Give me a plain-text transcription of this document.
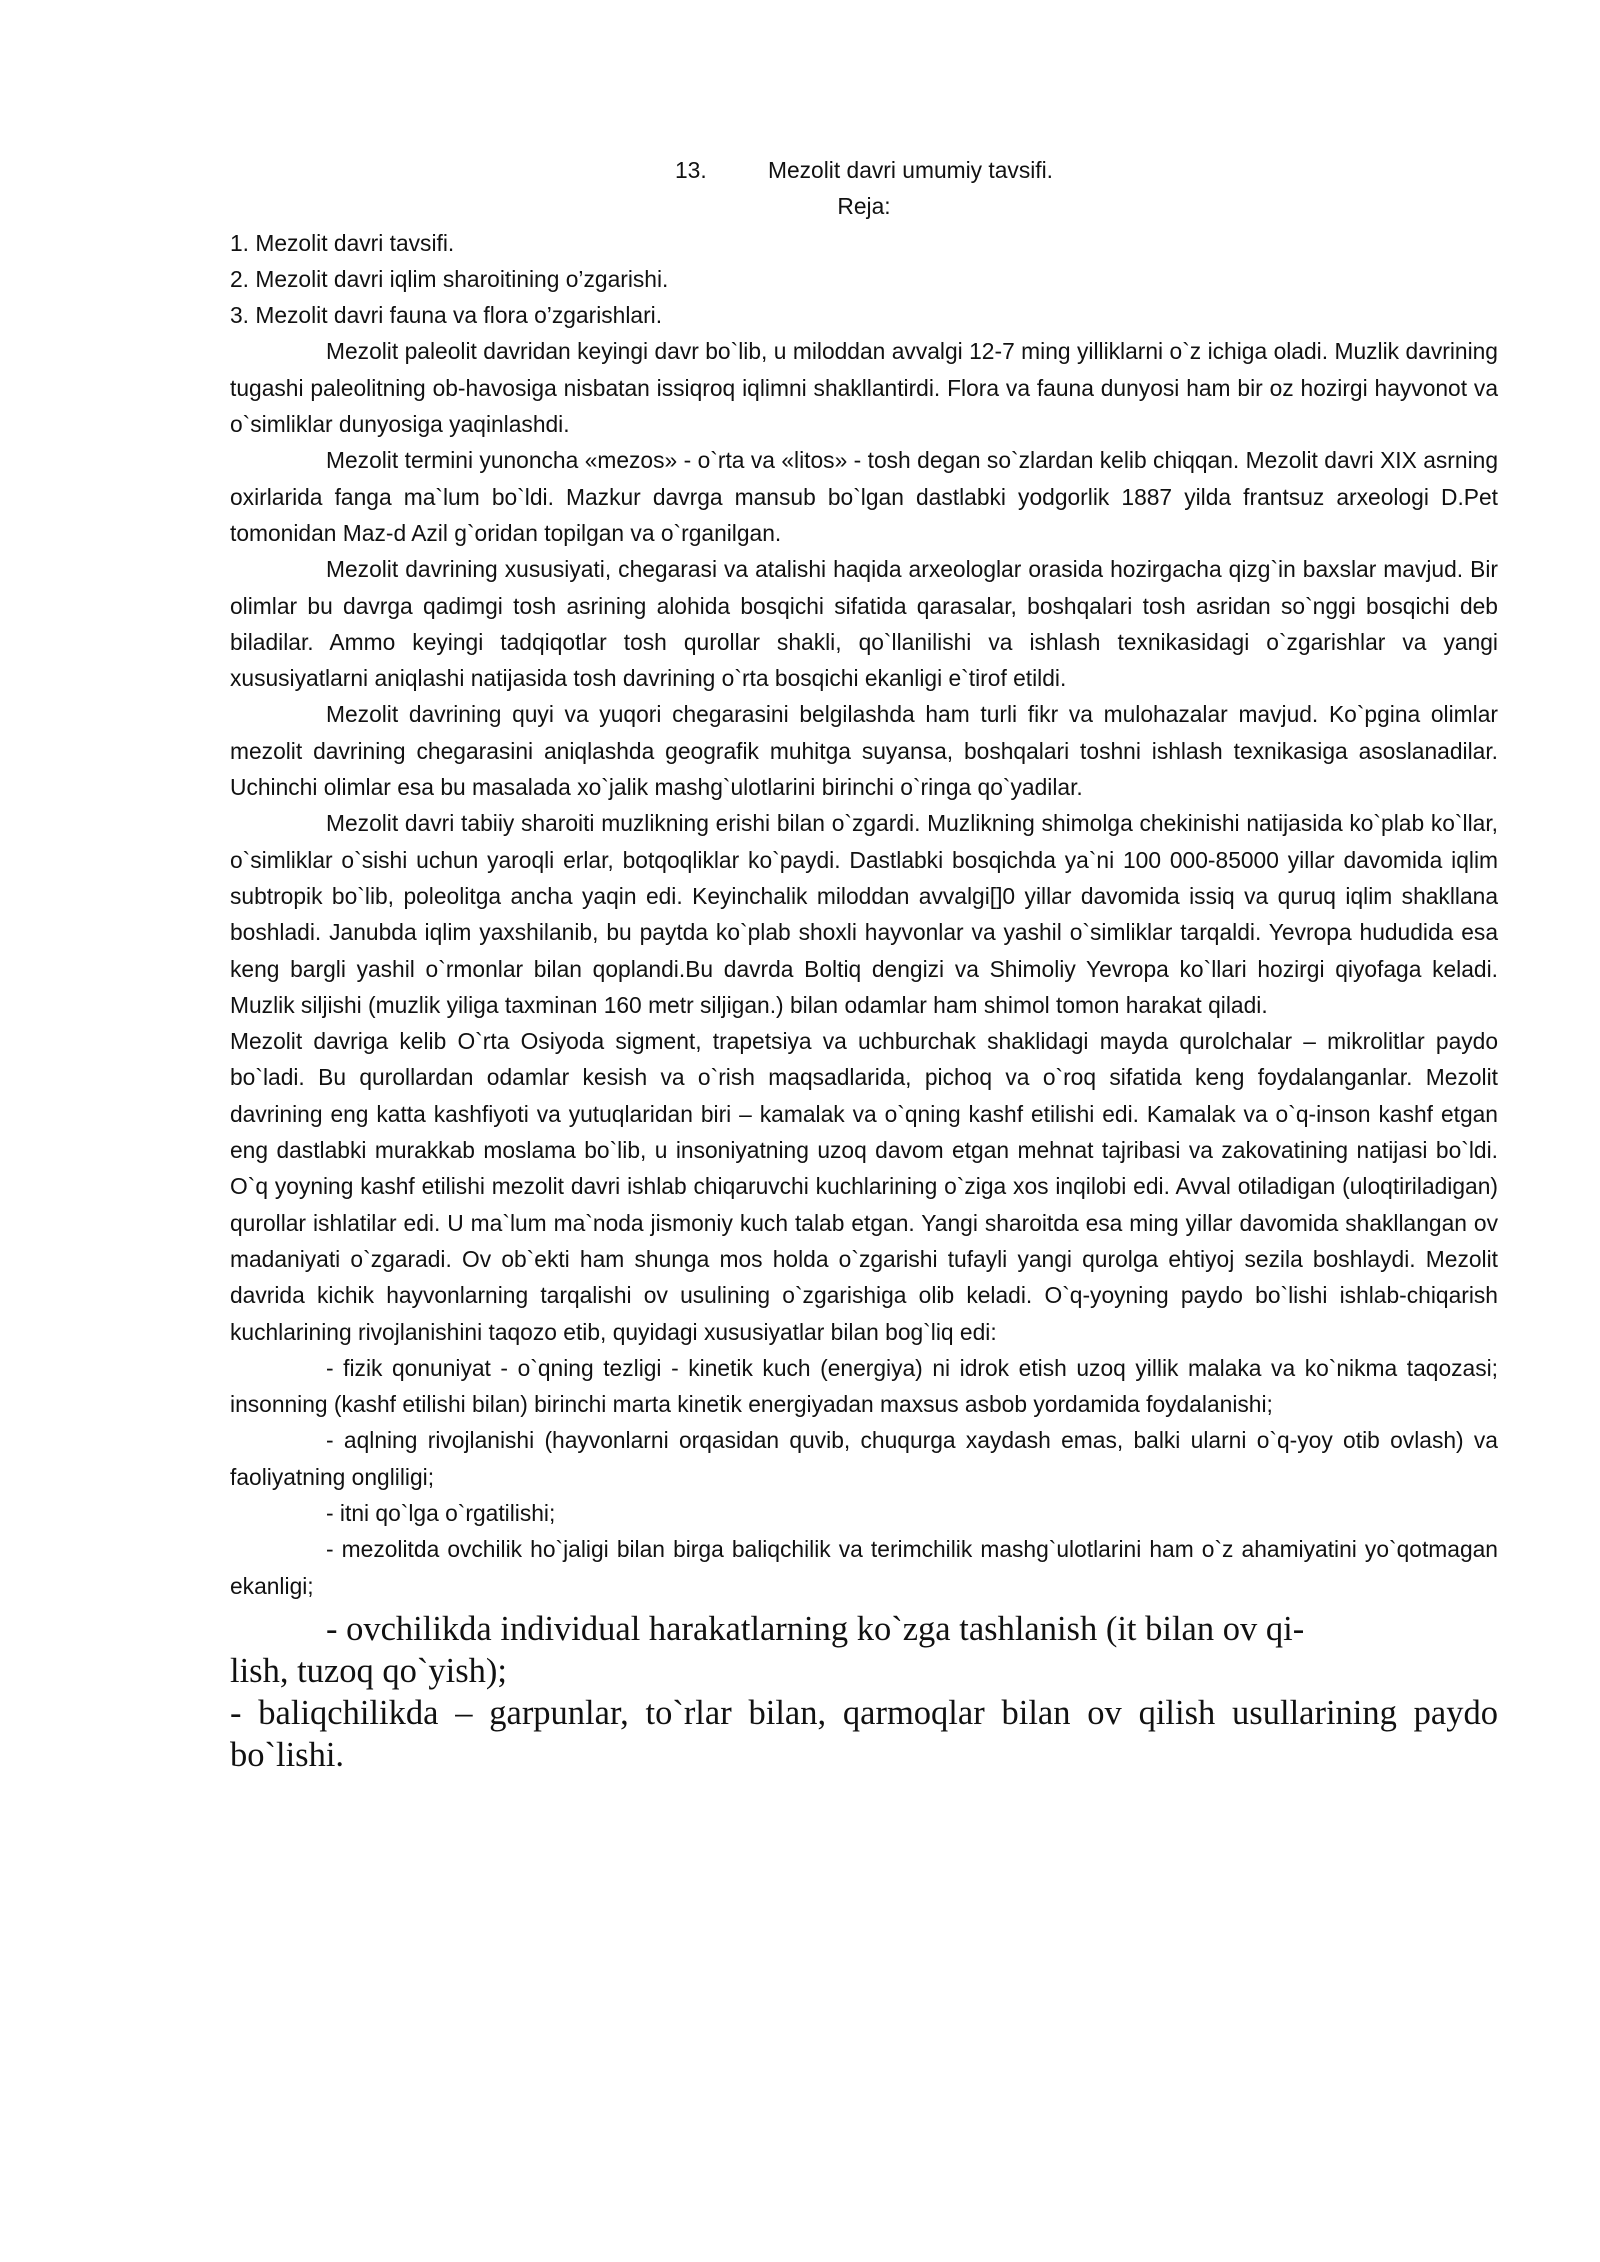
13.	Mezolit davri umumiy tavsifi.

Reja:

1. Mezolit davri tavsifi.
2. Mezolit davri iqlim sharoitining o’zgarishi.
3. Mezolit davri fauna va flora o’zgarishlari.

Mezolit paleolit davridan keyingi davr bo`lib, u miloddan avvalgi 12-7 ming yilliklarni o`z ichiga oladi. Muzlik davrining tugashi paleolitning ob-havosiga nisbatan issiqroq iqlimni shakllantirdi. Flora va fauna dunyosi ham bir oz hozirgi hayvonot va o`simliklar dunyosiga yaqinlashdi.

Mezolit termini yunoncha «mezos» - o`rta va «litos» - tosh degan so`zlardan kelib chiqqan. Mezolit davri XIX asrning oxirlarida fanga ma`lum bo`ldi. Mazkur davrga mansub bo`lgan dastlabki yodgorlik 1887 yilda frantsuz arxeologi D.Pet tomonidan Maz-d Azil g`oridan topilgan va o`rganilgan.

Mezolit davrining xususiyati, chegarasi va atalishi haqida arxeologlar orasida hozirgacha qizg`in baxslar mavjud. Bir olimlar bu davrga qadimgi tosh asrining alohida bosqichi sifatida qarasalar, boshqalari tosh asridan so`nggi bosqichi deb biladilar. Ammo keyingi tadqiqotlar tosh qurollar shakli, qo`llanilishi va ishlash texnikasidagi o`zgarishlar va yangi xususiyatlarni aniqlashi natijasida tosh davrining o`rta bosqichi ekanligi e`tirof etildi.

Mezolit davrining quyi va yuqori chegarasini belgilashda ham turli fikr va mulohazalar mavjud. Ko`pgina olimlar mezolit davrining chegarasini aniqlashda geografik muhitga suyansa, boshqalari toshni ishlash texnikasiga asoslanadilar. Uchinchi olimlar esa bu masalada xo`jalik mashg`ulotlarini birinchi o`ringa qo`yadilar.

Mezolit davri tabiiy sharoiti muzlikning erishi bilan o`zgardi. Muzlikning shimolga chekinishi natijasida ko`plab ko`llar, o`simliklar o`sishi uchun yaroqli erlar, botqoqliklar ko`paydi. Dastlabki bosqichda ya`ni 100 000-85000 yillar davomida iqlim subtropik bo`lib, poleolitga ancha yaqin edi. Keyinchalik miloddan avvalgi[]0 yillar davomida issiq va quruq iqlim shakllana boshladi. Janubda iqlim yaxshilanib, bu paytda ko`plab shoxli hayvonlar va yashil o`simliklar tarqaldi. Yevropa hududida esa keng bargli yashil o`rmonlar bilan qoplandi.Bu davrda Boltiq dengizi va Shimoliy Yevropa ko`llari hozirgi qiyofaga keladi. Muzlik siljishi (muzlik yiliga taxminan 160 metr siljigan.) bilan odamlar ham shimol tomon harakat qiladi.

Mezolit davriga kelib O`rta Osiyoda sigment, trapetsiya va uchburchak shaklidagi mayda qurolchalar – mikrolitlar paydo bo`ladi. Bu qurollardan odamlar kesish va o`rish maqsadlarida, pichoq va o`roq sifatida keng foydalanganlar. Mezolit davrining eng katta kashfiyoti va yutuqlaridan biri – kamalak va o`qning kashf etilishi edi. Kamalak va o`q-inson kashf etgan eng dastlabki murakkab moslama bo`lib, u insoniyatning uzoq davom etgan mehnat tajribasi va zakovatining natijasi bo`ldi. O`q yoyning kashf etilishi mezolit davri ishlab chiqaruvchi kuchlarining o`ziga xos inqilobi edi. Avval otiladigan (uloqtiriladigan) qurollar ishlatilar edi. U ma`lum ma`noda jismoniy kuch talab etgan. Yangi sharoitda esa ming yillar davomida shakllangan ov madaniyati o`zgaradi. Ov ob`ekti ham shunga mos holda o`zgarishi tufayli yangi qurolga ehtiyoj sezila boshlaydi. Mezolit davrida kichik hayvonlarning tarqalishi ov usulining o`zgarishiga olib keladi. O`q-yoyning paydo bo`lishi ishlab-chiqarish kuchlarining rivojlanishini taqozo etib, quyidagi xususiyatlar bilan bog`liq edi:

- fizik qonuniyat - o`qning tezligi - kinetik kuch (energiya) ni idrok etish uzoq yillik malaka va ko`nikma taqozasi; insonning (kashf etilishi bilan) birinchi marta kinetik energiyadan maxsus asbob yordamida foydalanishi;

- aqlning rivojlanishi (hayvonlarni orqasidan quvib, chuqurga xaydash emas, balki ularni o`q-yoy otib ovlash) va faoliyatning ongliligi;

- itni qo`lga o`rgatilishi;

- mezolitda ovchilik ho`jaligi bilan birga baliqchilik va terimchilik mashg`ulotlarini ham o`z ahamiyatini yo`qotmagan ekanligi;

- ovchilikda individual harakatlarning ko`zga tashlanish (it bilan ov qi-
lish, tuzoq qo`yish);

- baliqchilikda – garpunlar, to`rlar bilan, qarmoqlar bilan ov qilish usullarining paydo bo`lishi.
